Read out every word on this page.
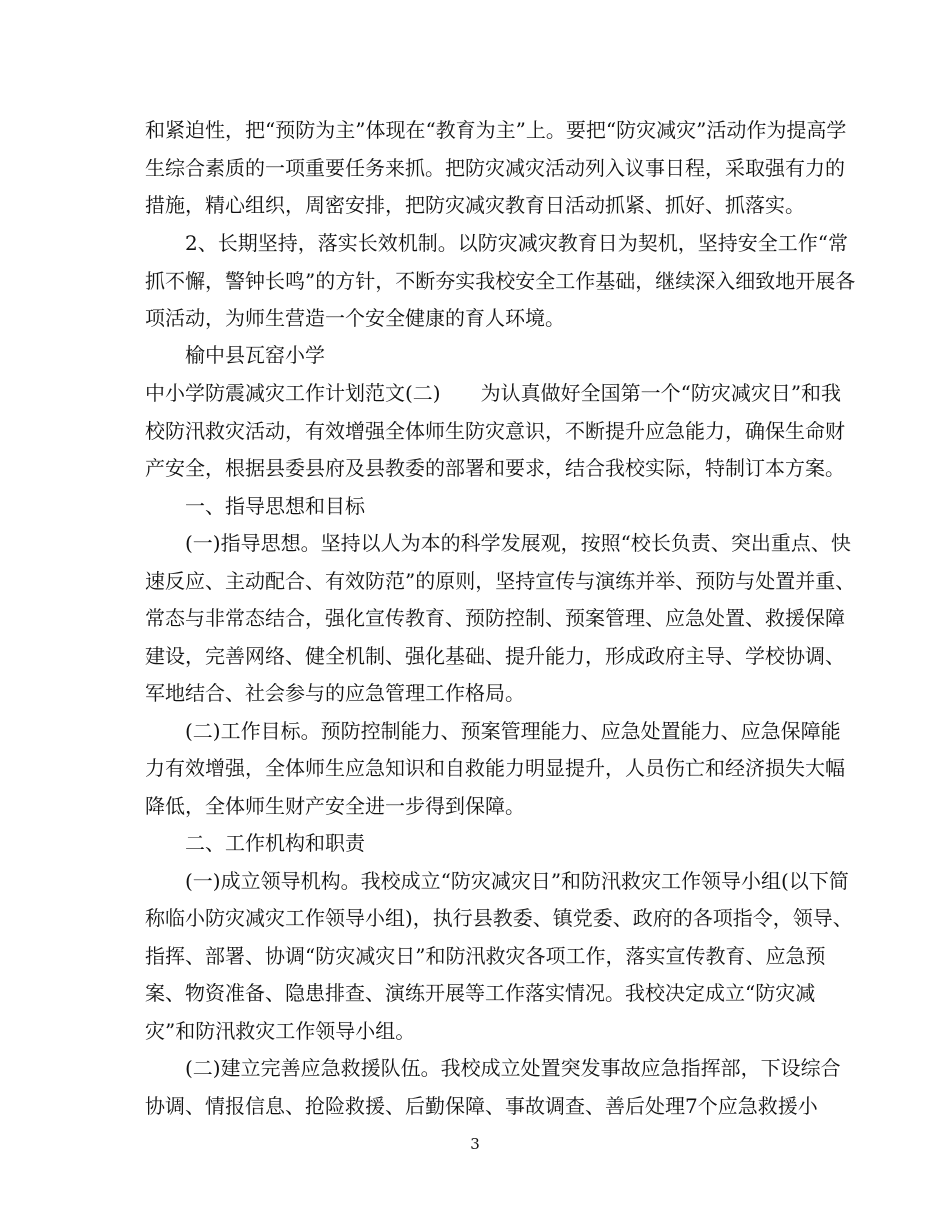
和紧迫性，把“预防为主”体现在“教育为主”上。要把“防灾减灾”活动作为提高学
生综合素质的一项重要任务来抓。把防灾减灾活动列入议事日程，采取强有力的
措施，精心组织，周密安排，把防灾减灾教育日活动抓紧、抓好、抓落实。
2、长期坚持，落实长效机制。以防灾减灾教育日为契机，坚持安全工作“常
抓不懈，警钟长鸣”的方针，不断夯实我校安全工作基础，继续深入细致地开展各
项活动，为师生营造一个安全健康的育人环境。
榆中县瓦窑小学
中小学防震减灾工作计划范文(二)　　为认真做好全国第一个“防灾减灾日”和我
校防汛救灾活动，有效增强全体师生防灾意识，不断提升应急能力，确保生命财
产安全，根据县委县府及县教委的部署和要求，结合我校实际，特制订本方案。
一、指导思想和目标
(一)指导思想。坚持以人为本的科学发展观，按照“校长负责、突出重点、快
速反应、主动配合、有效防范”的原则，坚持宣传与演练并举、预防与处置并重、
常态与非常态结合，强化宣传教育、预防控制、预案管理、应急处置、救援保障
建设，完善网络、健全机制、强化基础、提升能力，形成政府主导、学校协调、
军地结合、社会参与的应急管理工作格局。
(二)工作目标。预防控制能力、预案管理能力、应急处置能力、应急保障能
力有效增强，全体师生应急知识和自救能力明显提升，人员伤亡和经济损失大幅
降低，全体师生财产安全进一步得到保障。
二、工作机构和职责
(一)成立领导机构。我校成立“防灾减灾日”和防汛救灾工作领导小组(以下简
称临小防灾减灾工作领导小组)，执行县教委、镇党委、政府的各项指令，领导、
指挥、部署、协调“防灾减灾日”和防汛救灾各项工作，落实宣传教育、应急预
案、物资准备、隐患排查、演练开展等工作落实情况。我校决定成立“防灾减
灾”和防汛救灾工作领导小组。
(二)建立完善应急救援队伍。我校成立处置突发事故应急指挥部，下设综合
协调、情报信息、抢险救援、后勤保障、事故调查、善后处理7个应急救援小
3
